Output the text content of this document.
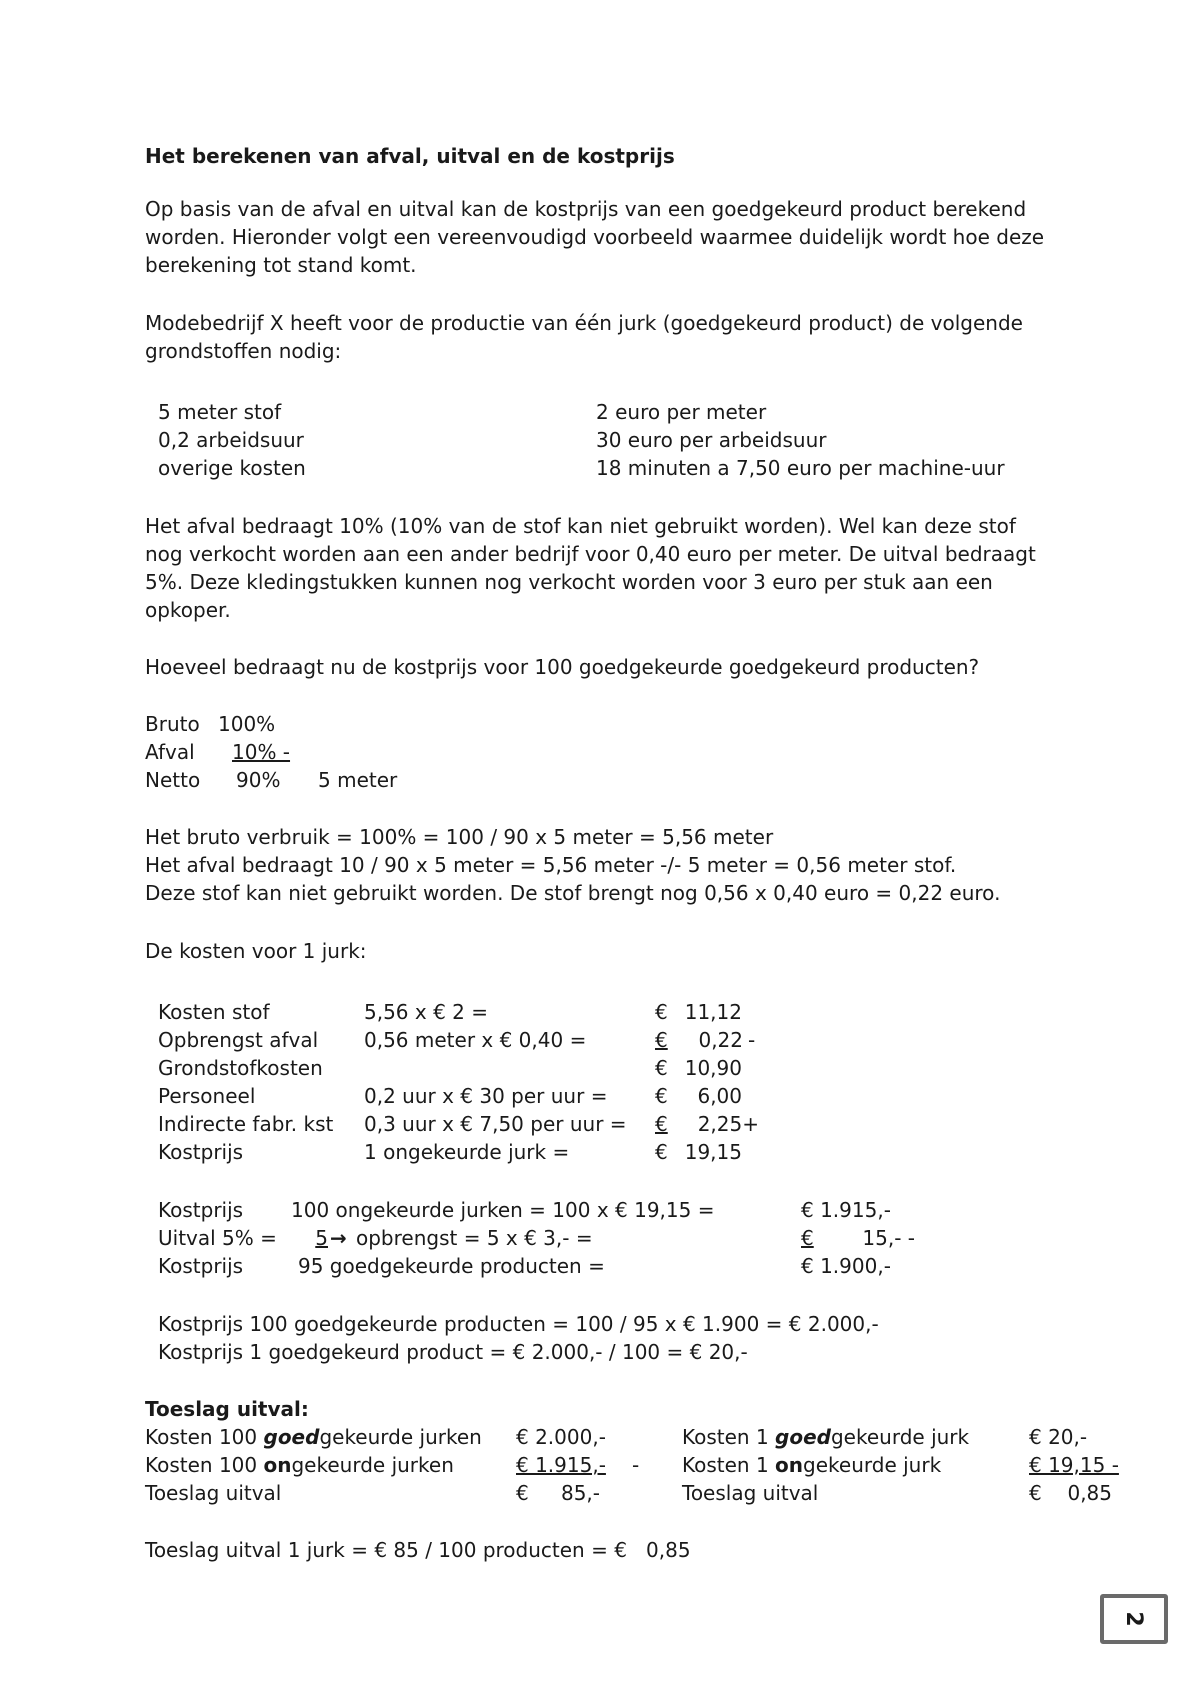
Het berekenen van afval, uitval en de kostprijs
Op basis van de afval en uitval kan de kostprijs van een goedgekeurd product berekend
worden. Hieronder volgt een vereenvoudigd voorbeeld waarmee duidelijk wordt hoe deze
berekening tot stand komt.
Modebedrijf X heeft voor de productie van één jurk (goedgekeurd product) de volgende
grondstoffen nodig:
5 meter stof	2 euro per meter
0,2 arbeidsuur	30 euro per arbeidsuur
overige kosten	18 minuten a 7,50 euro per machine-uur
Het afval bedraagt 10% (10% van de stof kan niet gebruikt worden). Wel kan deze stof
nog verkocht worden aan een ander bedrijf voor 0,40 euro per meter. De uitval bedraagt
5%. Deze kledingstukken kunnen nog verkocht worden voor 3 euro per stuk aan een
opkoper.
Hoeveel bedraagt nu de kostprijs voor 100 goedgekeurde goedgekeurd producten?
Bruto 100%
Afval	10% -
Netto 90% 5 meter
Het bruto verbruik = 100% = 100 / 90 x 5 meter = 5,56 meter
Het afval bedraagt 10 / 90 x 5 meter = 5,56 meter -/- 5 meter = 0,56 meter stof.
Deze stof kan niet gebruikt worden. De stof brengt nog 0,56 x 0,40 euro = 0,22 euro.
De kosten voor 1 jurk:
Kosten stof	5,56 x € 2 =	€ 11,12
Opbrengst afval 0,56 meter x € 0,40 =	€ 0,22 -
Grondstofkosten	€ 10,90
Personeel	0,2 uur x € 30 per uur = €	6,00
Indirecte fabr. kst 0,3 uur x € 7,50 per uur = € 2,25+
Kostprijs	1 ongekeurde jurk =	€ 19,15
Kostprijs 100 ongekeurde jurken = 100 x € 19,15 =	€ 1.915,-
Uitval 5% =	5 → opbrengst = 5 x € 3,- =	€ 15,- -
Kostprijs	95 goedgekeurde producten =	€ 1.900,-
Kostprijs 100 goedgekeurde producten = 100 / 95 x € 1.900 = € 2.000,-
Kostprijs 1 goedgekeurd product = € 2.000,- / 100 = € 20,-
Toeslag uitval:
Kosten 100 goedgekeurde jurken € 2.000,-	Kosten 1 goedgekeurde jurk	€ 20,-
Kosten 100 ongekeurde jurken	€ 1.915,- - Kosten 1 ongekeurde jurk	€ 19,15 -
Toeslag uitval	€	85,-	Toeslag uitval	€	0,85
Toeslag uitval 1 jurk = € 85 / 100 producten = €   0,85
2
